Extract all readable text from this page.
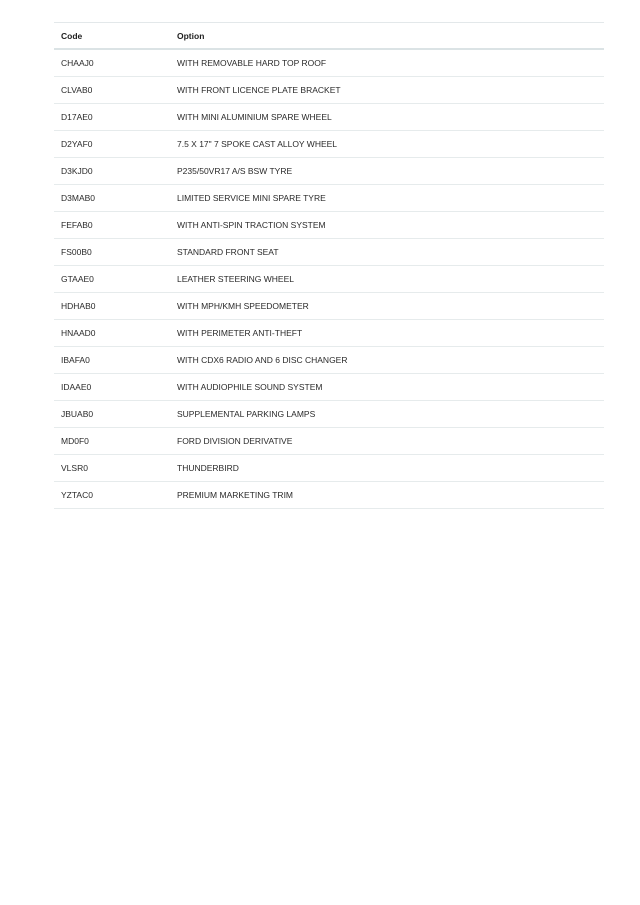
Code	Option
CHAAJ0	WITH REMOVABLE HARD TOP ROOF
CLVAB0	WITH FRONT LICENCE PLATE BRACKET
D17AE0	WITH MINI ALUMINIUM SPARE WHEEL
D2YAF0	7.5 X 17" 7 SPOKE CAST ALLOY WHEEL
D3KJD0	P235/50VR17 A/S BSW TYRE
D3MAB0	LIMITED SERVICE MINI SPARE TYRE
FEFAB0	WITH ANTI-SPIN TRACTION SYSTEM
FS00B0	STANDARD FRONT SEAT
GTAAE0	LEATHER STEERING WHEEL
HDHAB0	WITH MPH/KMH SPEEDOMETER
HNAAD0	WITH PERIMETER ANTI-THEFT
IBAFA0	WITH CDX6 RADIO AND 6 DISC CHANGER
IDAAE0	WITH AUDIOPHILE SOUND SYSTEM
JBUAB0	SUPPLEMENTAL PARKING LAMPS
MD0F0	FORD DIVISION DERIVATIVE
VLSR0	THUNDERBIRD
YZTAC0	PREMIUM MARKETING TRIM
